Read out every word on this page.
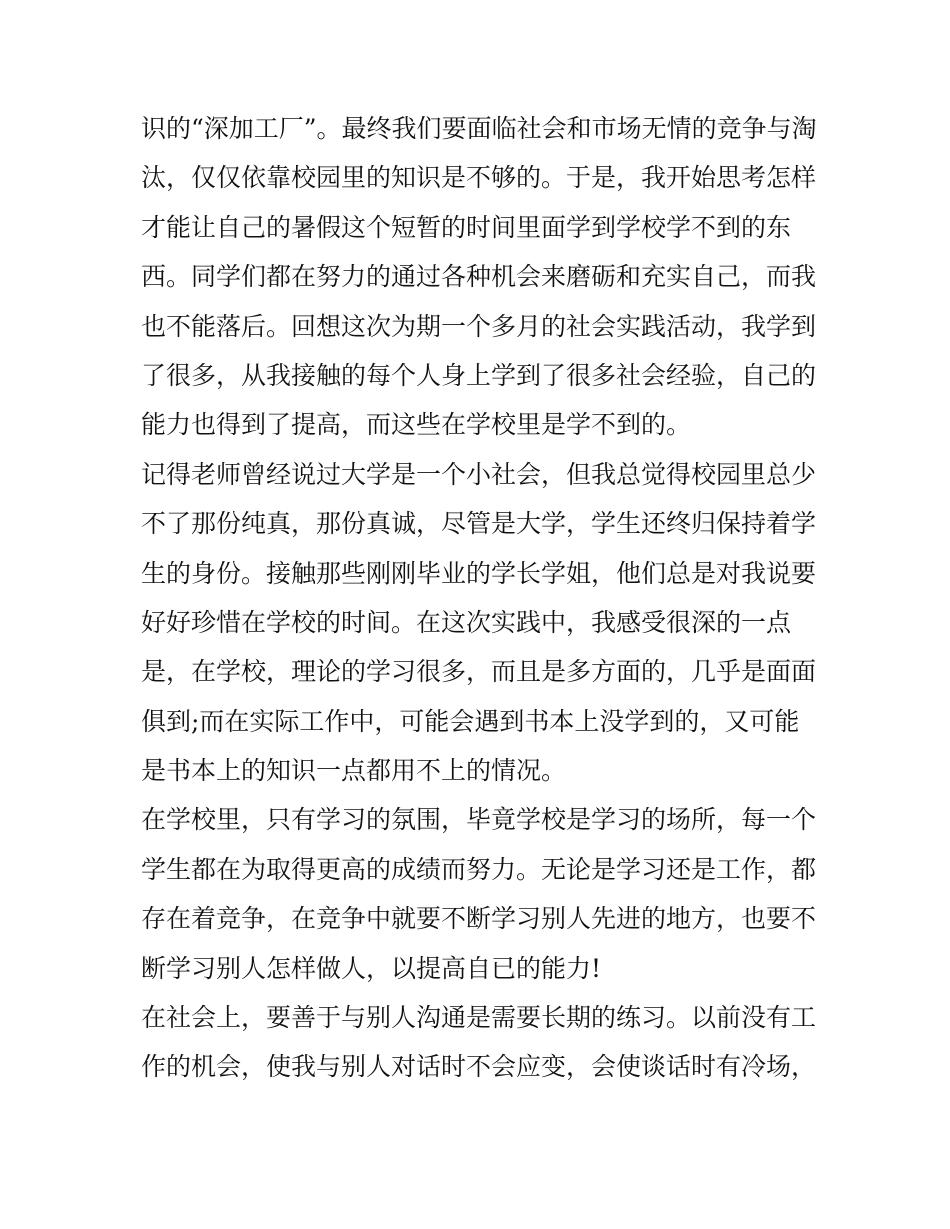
识的“深加工厂”。最终我们要面临社会和市场无情的竞争与淘
汰，仅仅依靠校园里的知识是不够的。于是，我开始思考怎样
才能让自己的暑假这个短暂的时间里面学到学校学不到的东
西。同学们都在努力的通过各种机会来磨砺和充实自己，而我
也不能落后。回想这次为期一个多月的社会实践活动，我学到
了很多，从我接触的每个人身上学到了很多社会经验，自己的
能力也得到了提高，而这些在学校里是学不到的。
记得老师曾经说过大学是一个小社会，但我总觉得校园里总少
不了那份纯真，那份真诚，尽管是大学，学生还终归保持着学
生的身份。接触那些刚刚毕业的学长学姐，他们总是对我说要
好好珍惜在学校的时间。在这次实践中，我感受很深的一点
是，在学校，理论的学习很多，而且是多方面的，几乎是面面
俱到;而在实际工作中，可能会遇到书本上没学到的，又可能
是书本上的知识一点都用不上的情况。
在学校里，只有学习的氛围，毕竟学校是学习的场所，每一个
学生都在为取得更高的成绩而努力。无论是学习还是工作，都
存在着竞争，在竞争中就要不断学习别人先进的地方，也要不
断学习别人怎样做人，以提高自已的能力!
在社会上，要善于与别人沟通是需要长期的练习。以前没有工
作的机会，使我与别人对话时不会应变，会使谈话时有冷场，
